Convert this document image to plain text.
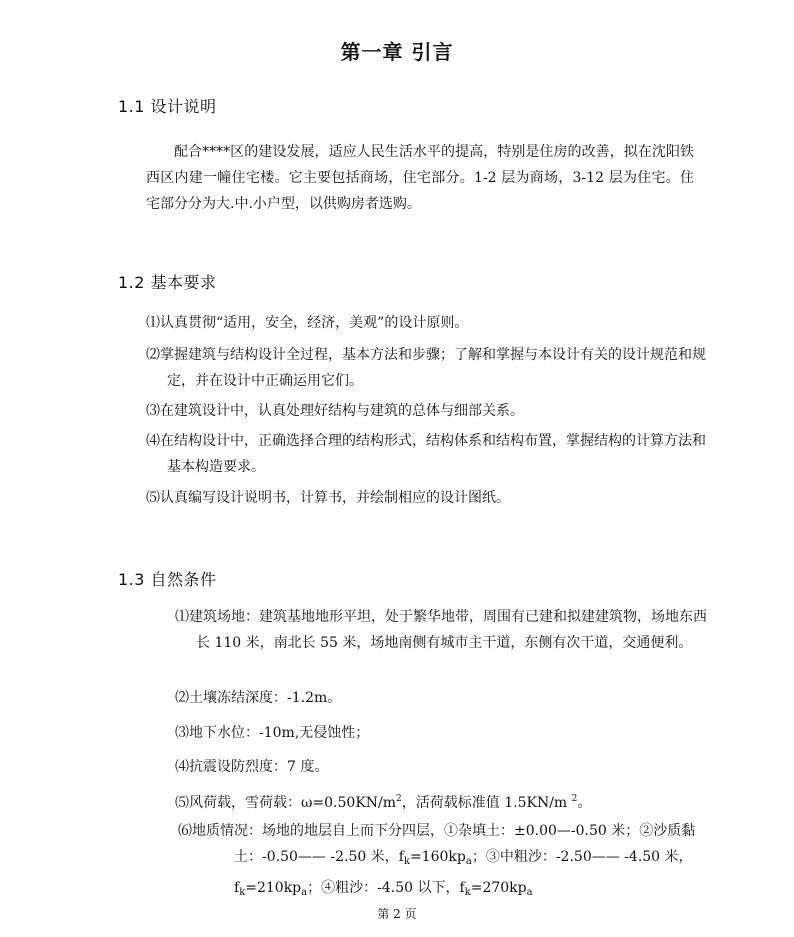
第一章 引言
1.1 设计说明
配合****区的建设发展，适应人民生活水平的提高，特别是住房的改善，拟在沈阳铁西区内建一幢住宅楼。它主要包括商场，住宅部分。1-2 层为商场，3-12 层为住宅。住宅部分分为大.中.小户型，以供购房者选购。
1.2 基本要求
⑴认真贯彻“适用，安全，经济，美观”的设计原则。
⑵掌握建筑与结构设计全过程，基本方法和步骤；了解和掌握与本设计有关的设计规范和规定，并在设计中正确运用它们。
⑶在建筑设计中，认真处理好结构与建筑的总体与细部关系。
⑷在结构设计中，正确选择合理的结构形式，结构体系和结构布置，掌握结构的计算方法和基本构造要求。
⑸认真编写设计说明书，计算书，并绘制相应的设计图纸。
1.3 自然条件
⑴建筑场地：建筑基地地形平坦，处于繁华地带，周围有已建和拟建建筑物，场地东西长 110 米，南北长 55 米，场地南侧有城市主干道，东侧有次干道，交通便利。
⑵土壤冻结深度：-1.2m。
⑶地下水位：-10m,无侵蚀性；
⑷抗震设防烈度：7 度。
⑸风荷载，雪荷载：$\omega=0.50KN/m^2$，活荷载标准值 1.5KN/m $^2$。
⑹地质情况：场地的地层自上而下分四层，①杂填土：±0.00—-0.50 米；②沙质黏土：-0.50—— -2.50 米，$f_k=160kp_a$；③中粗沙：-2.50—— -4.50 米，$f_k=210kp_a$；④粗沙：-4.50 以下，$f_k=270kp_a$
第 2 页
